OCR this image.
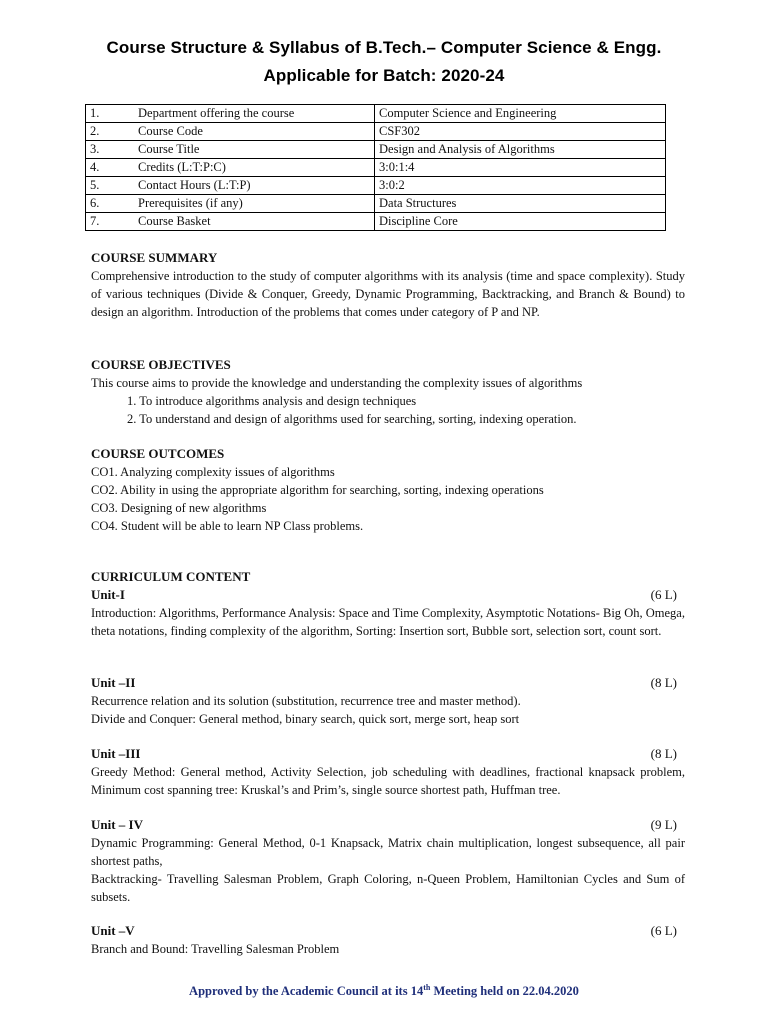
Course Structure & Syllabus of B.Tech.– Computer Science & Engg.
Applicable for Batch: 2020-24
1.	Department offering the course	Computer Science and Engineering
2.	Course Code	CSF302
3.	Course Title	Design and Analysis of Algorithms
4.	Credits (L:T:P:C)	3:0:1:4
5.	Contact Hours (L:T:P)	3:0:2
6.	Prerequisites (if any)	Data Structures
7.	Course Basket	Discipline Core
COURSE SUMMARY
Comprehensive introduction to the study of computer algorithms with its analysis (time and space complexity). Study of various techniques (Divide & Conquer, Greedy, Dynamic Programming, Backtracking, and Branch & Bound) to design an algorithm. Introduction of the problems that comes under category of P and NP.
COURSE OBJECTIVES
This course aims to provide the knowledge and understanding the complexity issues of algorithms
1. To introduce algorithms analysis and design techniques
2. To understand and design of algorithms used for searching, sorting, indexing operation.
COURSE OUTCOMES
CO1. Analyzing complexity issues of algorithms
CO2. Ability in using the appropriate algorithm for searching, sorting, indexing operations
CO3. Designing of new algorithms
CO4. Student will be able to learn NP Class problems.
CURRICULUM CONTENT
Unit-I	(6 L)
Introduction: Algorithms, Performance Analysis: Space and Time Complexity, Asymptotic Notations- Big Oh, Omega, theta notations, finding complexity of the algorithm, Sorting: Insertion sort, Bubble sort, selection sort, count sort.
Unit –II	(8 L)
Recurrence relation and its solution (substitution, recurrence tree and master method).
Divide and Conquer: General method, binary search, quick sort, merge sort, heap sort
Unit –III	(8 L)
Greedy Method: General method, Activity Selection, job scheduling with deadlines, fractional knapsack problem, Minimum cost spanning tree: Kruskal’s and Prim’s, single source shortest path, Huffman tree.
Unit – IV	(9 L)
Dynamic Programming: General Method, 0-1 Knapsack, Matrix chain multiplication, longest subsequence, all pair shortest paths,
Backtracking- Travelling Salesman Problem, Graph Coloring, n-Queen Problem, Hamiltonian Cycles and Sum of subsets.
Unit –V	(6 L)
Branch and Bound: Travelling Salesman Problem
Approved by the Academic Council at its 14th Meeting held on 22.04.2020
